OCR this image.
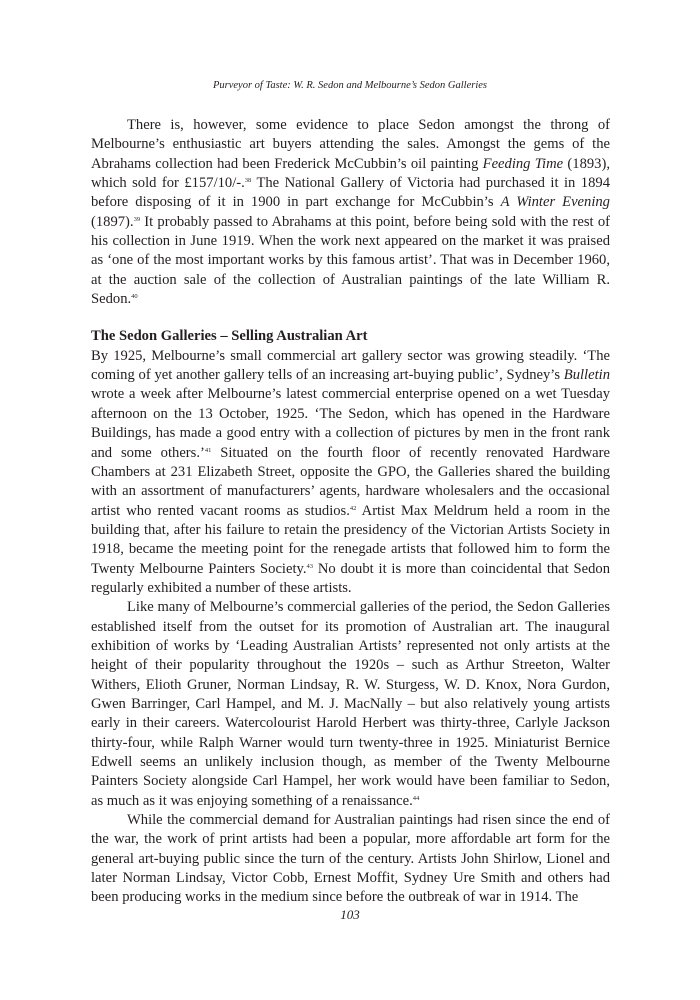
Purveyor of Taste: W. R. Sedon and Melbourne’s Sedon Galleries

There is, however, some evidence to place Sedon amongst the throng of Melbourne’s enthusiastic art buyers attending the sales. Amongst the gems of the Abrahams collection had been Frederick McCubbin’s oil painting Feeding Time (1893), which sold for £157/10/-.$^{38}$ The National Gallery of Victoria had purchased it in 1894 before disposing of it in 1900 in part exchange for McCubbin’s A Winter Evening (1897).$^{39}$ It probably passed to Abrahams at this point, before being sold with the rest of his collection in June 1919. When the work next appeared on the market it was praised as ‘one of the most important works by this famous artist’. That was in December 1960, at the auction sale of the collection of Australian paintings of the late William R. Sedon.$^{40}$

The Sedon Galleries – Selling Australian Art

By 1925, Melbourne’s small commercial art gallery sector was growing steadily. ‘The coming of yet another gallery tells of an increasing art-buying public’, Sydney’s Bulletin wrote a week after Melbourne’s latest commercial enterprise opened on a wet Tuesday afternoon on the 13 October, 1925. ‘The Sedon, which has opened in the Hardware Buildings, has made a good entry with a collection of pictures by men in the front rank and some others.’$^{41}$ Situated on the fourth floor of recently renovated Hardware Chambers at 231 Elizabeth Street, opposite the GPO, the Galleries shared the building with an assortment of manufacturers’ agents, hardware wholesalers and the occasional artist who rented vacant rooms as studios.$^{42}$ Artist Max Meldrum held a room in the building that, after his failure to retain the presidency of the Victorian Artists Society in 1918, became the meeting point for the renegade artists that followed him to form the Twenty Melbourne Painters Society.$^{43}$ No doubt it is more than coincidental that Sedon regularly exhibited a number of these artists.

Like many of Melbourne’s commercial galleries of the period, the Sedon Galleries established itself from the outset for its promotion of Australian art. The inaugural exhibition of works by ‘Leading Australian Artists’ represented not only artists at the height of their popularity throughout the 1920s – such as Arthur Streeton, Walter Withers, Elioth Gruner, Norman Lindsay, R. W. Sturgess, W. D. Knox, Nora Gurdon, Gwen Barringer, Carl Hampel, and M. J. MacNally – but also relatively young artists early in their careers. Watercolourist Harold Herbert was thirty-three, Carlyle Jackson thirty-four, while Ralph Warner would turn twenty-three in 1925. Miniaturist Bernice Edwell seems an unlikely inclusion though, as member of the Twenty Melbourne Painters Society alongside Carl Hampel, her work would have been familiar to Sedon, as much as it was enjoying something of a renaissance.$^{44}$

While the commercial demand for Australian paintings had risen since the end of the war, the work of print artists had been a popular, more affordable art form for the general art-buying public since the turn of the century. Artists John Shirlow, Lionel and later Norman Lindsay, Victor Cobb, Ernest Moffit, Sydney Ure Smith and others had been producing works in the medium since before the outbreak of war in 1914. The

103
